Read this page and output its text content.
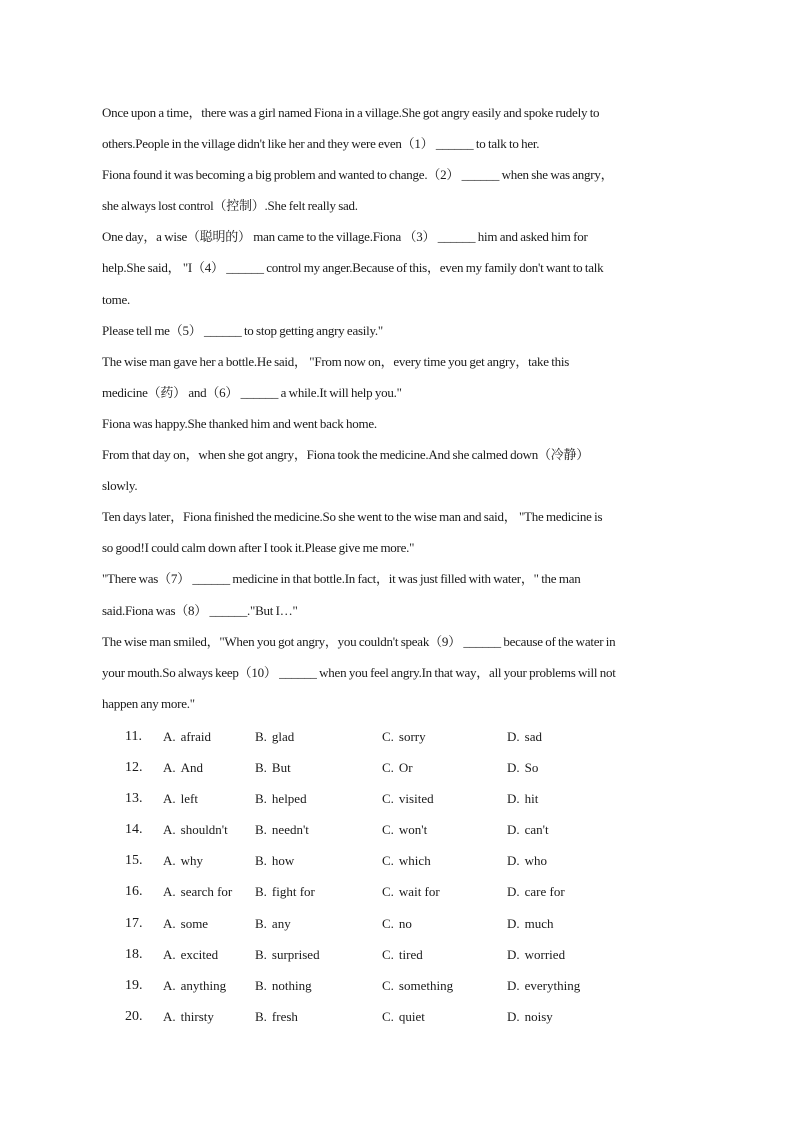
Once upon a time，there was a girl named Fiona in a village.She got angry easily and spoke rudely to

others.People in the village didn't like her and they were even（1） ______ to talk to her.

Fiona found it was becoming a big problem and wanted to change.（2） ______ when she was angry，

she always lost control（控制）.She felt really sad.

One day，a wise（聪明的） man came to the village.Fiona （3） ______ him and asked him for

help.She said， "I（4） ______ control my anger.Because of this，even my family don't want to talk

tome.

Please tell me（5） ______ to stop getting angry easily."

The wise man gave her a bottle.He said， "From now on，every time you get angry，take this

medicine（药） and（6） ______ a while.It will help you."

Fiona was happy.She thanked him and went back home.

From that day on，when she got angry，Fiona took the medicine.And she calmed down（冷静）

slowly.

Ten days later，Fiona finished the medicine.So she went to the wise man and said， "The medicine is

so good!I could calm down after I took it.Please give me more."

"There was（7） ______ medicine in that bottle.In fact，it was just filled with water，" the man

said.Fiona was（8） ______."But I…"

The wise man smiled，"When you got angry，you couldn't speak（9） ______ because of the water in

your mouth.So always keep（10） ______ when you feel angry.In that way，all your problems will not

happen any more."

11. A. afraid	B. glad	C. sorry	D. sad
12. A. And	B. But	C. Or	D. So
13. A. left	B. helped	C. visited	D. hit
14. A. shouldn't B. needn't	C. won't	D. can't
15. A. why	B. how	C. which	D. who
16. A. search for B. fight for	C. wait for	D. care for
17. A. some	B. any	C. no	D. much
18. A. excited	B. surprised	C. tired	D. worried
19. A. anything B. nothing	C. something	D. everything
20. A. thirsty	B. fresh	C. quiet	D. noisy
